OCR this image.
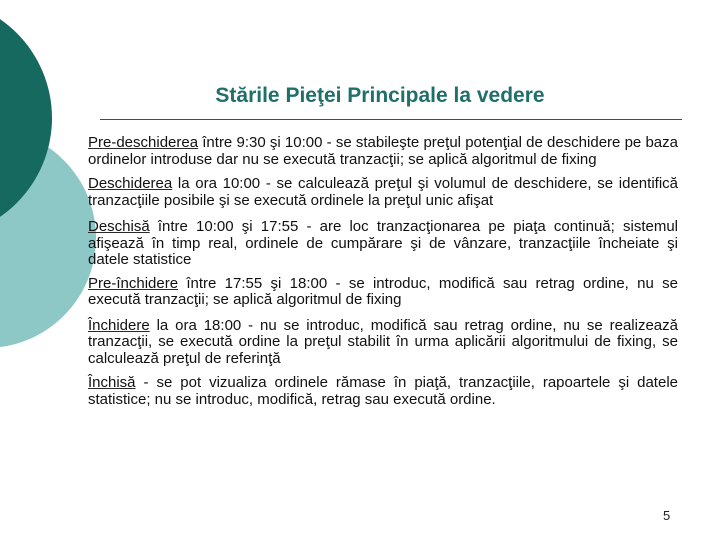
Stările Pieţei Principale la vedere

Pre-deschiderea între 9:30 şi 10:00 - se stabileşte preţul potenţial de deschidere pe baza ordinelor introduse dar nu se execută tranzacţii; se aplică algoritmul de fixing

Deschiderea la ora 10:00 - se calculează preţul şi volumul de deschidere, se identifică tranzacţiile posibile şi se execută ordinele la preţul unic afişat

Deschisă între 10:00 şi 17:55 - are loc tranzacţionarea pe piaţa continuă; sistemul afişează în timp real, ordinele de cumpărare şi de vânzare, tranzacţiile încheiate şi datele statistice

Pre-închidere între 17:55 şi 18:00 - se introduc, modifică sau retrag ordine, nu se execută tranzacţii; se aplică algoritmul de fixing

Închidere la ora 18:00 - nu se introduc, modifică sau retrag ordine, nu se realizează tranzacţii, se execută ordine la preţul stabilit în urma aplicării algoritmului de fixing, se calculează preţul de referinţă

Închisă - se pot vizualiza ordinele rămase în piaţă, tranzacţiile, rapoartele şi datele statistice; nu se introduc, modifică, retrag sau execută ordine.

5
